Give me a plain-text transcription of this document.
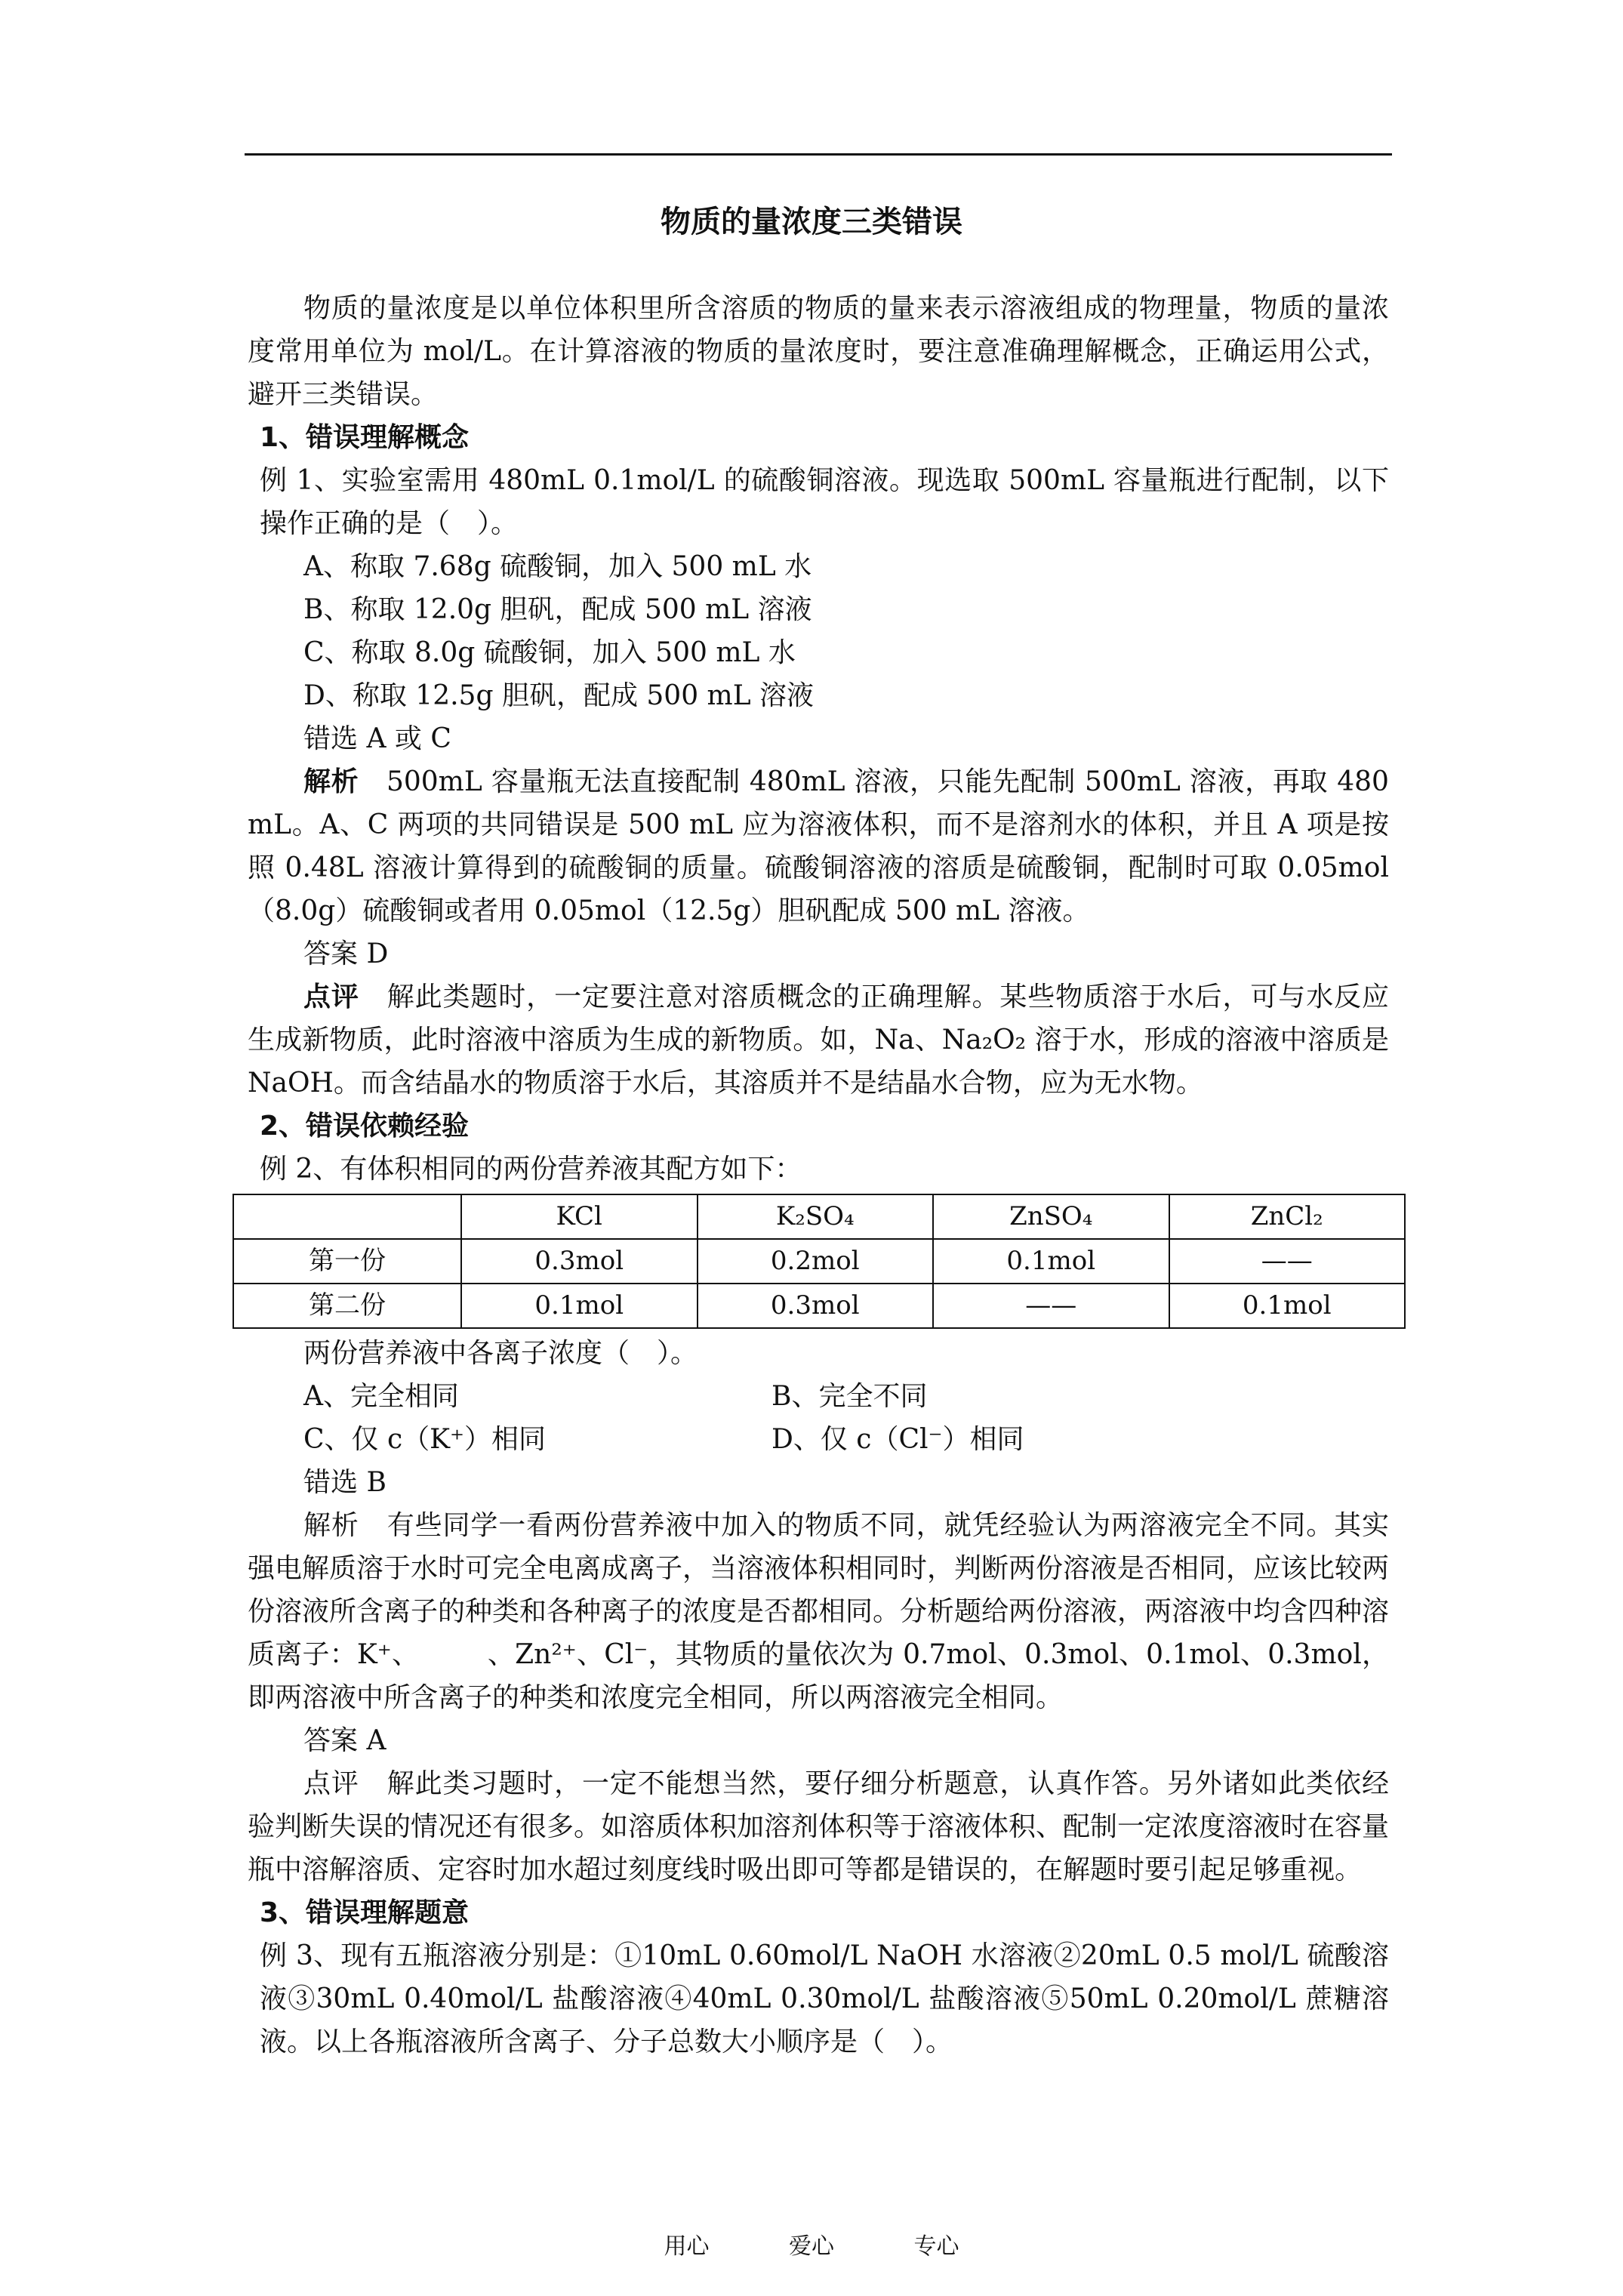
物质的量浓度三类错误

物质的量浓度是以单位体积里所含溶质的物质的量来表示溶液组成的物理量，物质的量浓度常用单位为 mol/L。在计算溶液的物质的量浓度时，要注意准确理解概念，正确运用公式，避开三类错误。

1、错误理解概念

例 1、实验室需用 480mL 0.1mol/L 的硫酸铜溶液。现选取 500mL 容量瓶进行配制，以下操作正确的是（　）。

A、称取 7.68g 硫酸铜，加入 500 mL 水

B、称取 12.0g 胆矾，配成 500 mL 溶液

C、称取 8.0g 硫酸铜，加入 500 mL 水

D、称取 12.5g 胆矾，配成 500 mL 溶液

错选 A 或 C

解析　 500mL 容量瓶无法直接配制 480mL 溶液，只能先配制 500mL 溶液，再取 480 mL。A、C 两项的共同错误是 500 mL 应为溶液体积，而不是溶剂水的体积，并且 A 项是按照 0.48L 溶液计算得到的硫酸铜的质量。硫酸铜溶液的溶质是硫酸铜，配制时可取 0.05mol（8.0g）硫酸铜或者用 0.05mol（12.5g）胆矾配成 500 mL 溶液。

答案 D

点评　 解此类题时，一定要注意对溶质概念的正确理解。某些物质溶于水后，可与水反应生成新物质，此时溶液中溶质为生成的新物质。如，Na、Na₂O₂ 溶于水，形成的溶液中溶质是 NaOH。而含结晶水的物质溶于水后，其溶质并不是结晶水合物，应为无水物。

2、错误依赖经验

例 2、有体积相同的两份营养液其配方如下：

	KCl	K₂SO₄	ZnSO₄	ZnCl₂
第一份	0.3mol	0.2mol	0.1mol	——
第二份	0.1mol	0.3mol	——	0.1mol

两份营养液中各离子浓度（　）。

A、完全相同	B、完全不同
C、仅 c（K⁺）相同	D、仅 c（Cl⁻）相同

错选 B

解析　 有些同学一看两份营养液中加入的物质不同，就凭经验认为两溶液完全不同。其实强电解质溶于水时可完全电离成离子，当溶液体积相同时，判断两份溶液是否相同，应该比较两份溶液所含离子的种类和各种离子的浓度是否都相同。分析题给两份溶液，两溶液中均含四种溶质离子：K⁺、　　　、Zn²⁺、Cl⁻，其物质的量依次为 0.7mol、0.3mol、0.1mol、0.3mol，即两溶液中所含离子的种类和浓度完全相同，所以两溶液完全相同。

答案 A

点评　 解此类习题时，一定不能想当然，要仔细分析题意，认真作答。另外诸如此类依经验判断失误的情况还有很多。如溶质体积加溶剂体积等于溶液体积、配制一定浓度溶液时在容量瓶中溶解溶质、定容时加水超过刻度线时吸出即可等都是错误的，在解题时要引起足够重视。

3、错误理解题意

例 3、现有五瓶溶液分别是：①10mL 0.60mol/L NaOH 水溶液②20mL 0.5 mol/L 硫酸溶液③30mL 0.40mol/L 盐酸溶液④40mL 0.30mol/L 盐酸溶液⑤50mL 0.20mol/L 蔗糖溶液。以上各瓶溶液所含离子、分子总数大小顺序是（　）。

用心	爱心	专心
